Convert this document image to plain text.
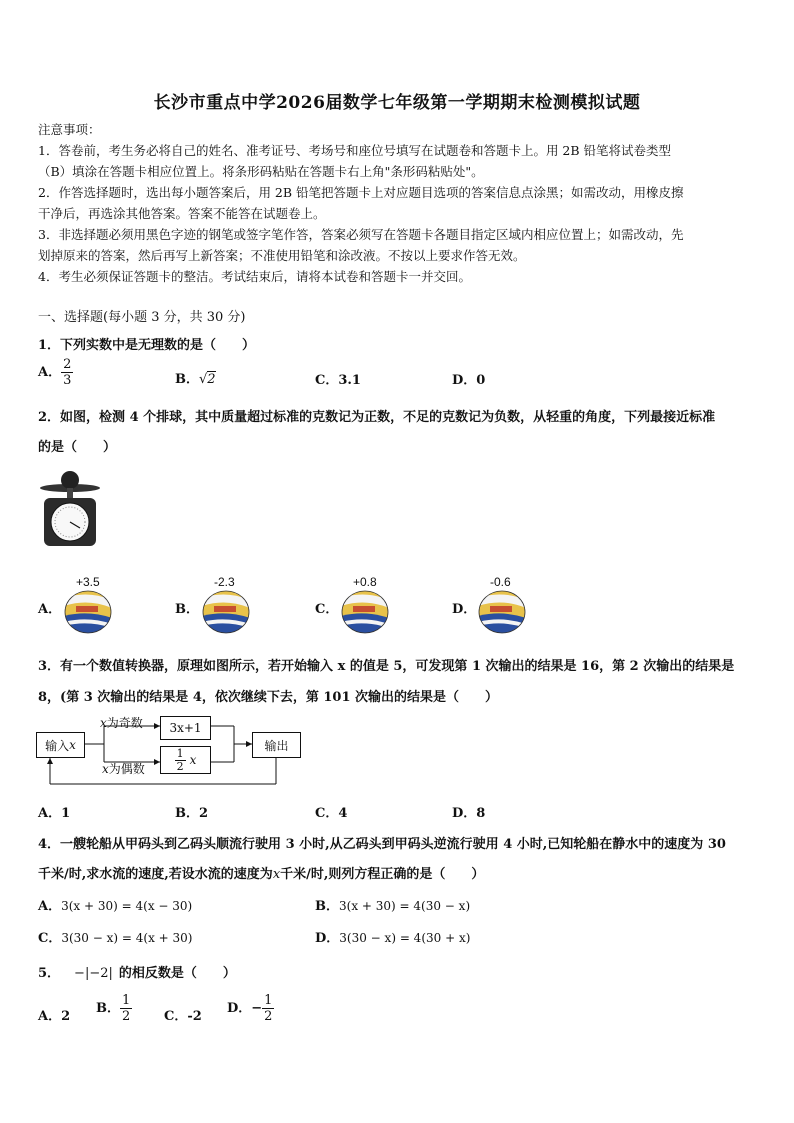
长沙市重点中学2026届数学七年级第一学期期末检测模拟试题
注意事项：
1．答卷前，考生务必将自己的姓名、准考证号、考场号和座位号填写在试题卷和答题卡上。用 2B 铅笔将试卷类型
（B）填涂在答题卡相应位置上。将条形码粘贴在答题卡右上角"条形码粘贴处"。
2．作答选择题时，选出每小题答案后，用 2B 铅笔把答题卡上对应题目选项的答案信息点涂黑；如需改动，用橡皮擦
干净后，再选涂其他答案。答案不能答在试题卷上。
3．非选择题必须用黑色字迹的钢笔或签字笔作答，答案必须写在答题卡各题目指定区域内相应位置上；如需改动，先
划掉原来的答案，然后再写上新答案；不准使用铅笔和涂改液。不按以上要求作答无效。
4．考生必须保证答题卡的整洁。考试结束后，请将本试卷和答题卡一并交回。
一、选择题(每小题 3 分，共 30 分)
1．下列实数中是无理数的是（　　）
A． $\frac{2}{3}$	B．√2	C．3.1	D．0
2．如图，检测 4 个排球，其中质量超过标准的克数记为正数，不足的克数记为负数，从轻重的角度，下列最接近标准
的是（　　）
A．	B．	C．	D．
+3.5	-2.3	+0.8	-0.6
3．有一个数值转换器，原理如图所示，若开始输入 x 的值是 5，可发现第 1 次输出的结果是 16，第 2 次输出的结果是
8，(第 3 次输出的结果是 4，依次继续下去，第 101 次输出的结果是（　　）
输入 x
x为奇数
x为偶数
3x+1
$\frac{1}{2}$ x
输出
A．1	B．2	C．4	D．8
4．一艘轮船从甲码头到乙码头顺流行驶用 3 小时,从乙码头到甲码头逆流行驶用 4 小时,已知轮船在静水中的速度为 30
千米/时,求水流的速度,若设水流的速度为x千米/时,则列方程正确的是（　　）
A．3(x + 30) = 4(x − 30)	B．3(x + 30) = 4(30 − x)
C．3(30 − x) = 4(x + 30)	D．3(30 − x) = 4(30 + x)
5． −|−2| 的相反数是（　　）
A．2
B． $\frac{1}{2}$ C．-2
D．− $\frac{1}{2}$
